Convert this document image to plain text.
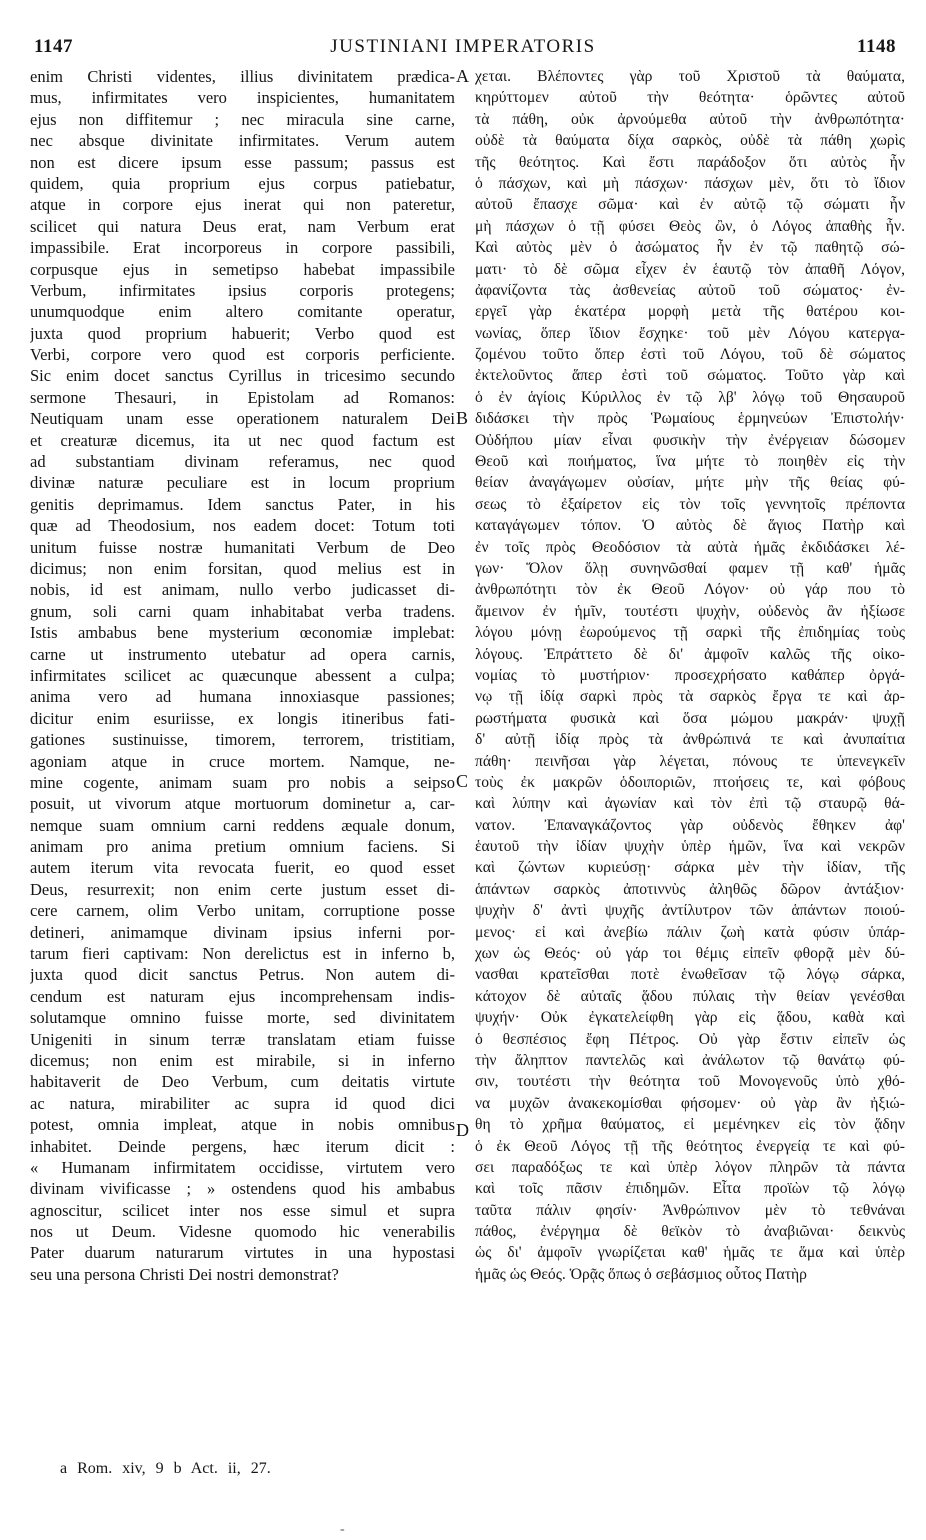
1147	JUSTINIANI IMPERATORIS	1148
enim Christi videntes, illius divinitatem prædica-
mus, infirmitates vero inspicientes, humanitatem
ejus non diffitemur ; nec miracula sine carne,
nec absque divinitate infirmitates. Verum autem
non est dicere ipsum esse passum; passus est
quidem, quia proprium ejus corpus patiebatur,
atque in corpore ejus inerat qui non pateretur,
scilicet qui natura Deus erat, nam Verbum erat
impassibile. Erat incorporeus in corpore passibili,
corpusque ejus in semetipso habebat impassibile
Verbum, infirmitates ipsius corporis protegens;
unumquodque enim altero comitante operatur,
juxta quod proprium habuerit; Verbo quod est
Verbi, corpore vero quod est corporis perficiente.
Sic enim docet sanctus Cyrillus in tricesimo secundo
sermone Thesauri, in Epistolam ad Romanos:
Neutiquam unam esse operationem naturalem Dei
et creaturæ dicemus, ita ut nec quod factum est
ad substantiam divinam referamus, nec quod
divinæ naturæ peculiare est in locum proprium
genitis deprimamus. Idem sanctus Pater, in his
quæ ad Theodosium, nos eadem docet: Totum toti
unitum fuisse nostræ humanitati Verbum de Deo
dicimus; non enim forsitan, quod melius est in
nobis, id est animam, nullo verbo judicasset di-
gnum, soli carni quam inhabitabat verba tradens.
Istis ambabus bene mysterium œconomiæ implebat:
carne ut instrumento utebatur ad opera carnis,
infirmitates scilicet ac quæcunque abessent a culpa;
anima vero ad humana innoxiasque passiones;
dicitur enim esuriisse, ex longis itineribus fati-
gationes sustinuisse, timorem, terrorem, tristitiam,
agoniam atque in cruce mortem. Namque, ne-
mine cogente, animam suam pro nobis a seipso
posuit, ut vivorum atque mortuorum dominetur a, car-
nemque suam omnium carni reddens æquale donum,
animam pro anima pretium omnium faciens. Si
autem iterum vita revocata fuerit, eo quod esset
Deus, resurrexit; non enim certe justum esset di-
cere carnem, olim Verbo unitam, corruptione posse
detineri, animamque divinam ipsius inferni por-
tarum fieri captivam: Non derelictus est in inferno b,
juxta quod dicit sanctus Petrus. Non autem di-
cendum est naturam ejus incomprehensam indis-
solutamque omnino fuisse morte, sed divinitatem
Unigeniti in sinum terræ translatam etiam fuisse
dicemus; non enim est mirabile, si in inferno
habitaverit de Deo Verbum, cum deitatis virtute
ac natura, mirabiliter ac supra id quod dici
potest, omnia impleat, atque in nobis omnibus
inhabitet. Deinde pergens, hæc iterum dicit :
« Humanam infirmitatem occidisse, virtutem vero
divinam vivificasse ; » ostendens quod his ambabus
agnoscitur, scilicet inter nos esse simul et supra
nos ut Deum. Videsne quomodo hic venerabilis
Pater duarum naturarum virtutes in una hypostasi
seu una persona Christi Dei nostri demonstrat?
χεται. Βλέποντες γὰρ τοῦ Χριστοῦ τὰ θαύματα,
κηρύττομεν αὐτοῦ τὴν θεότητα· ὁρῶντες αὐτοῦ
τὰ πάθη, οὐκ ἀρνούμεθα αὐτοῦ τὴν ἀνθρωπότητα·
οὐδὲ τὰ θαύματα δίχα σαρκὸς, οὐδὲ τὰ πάθη χωρὶς
τῆς θεότητος. Καὶ ἔστι παράδοξον ὅτι αὐτὸς ἦν
ὁ πάσχων, καὶ μὴ πάσχων· πάσχων μὲν, ὅτι τὸ ἴδιον
αὐτοῦ ἔπασχε σῶμα· καὶ ἐν αὐτῷ τῷ σώματι ἦν
μὴ πάσχων ὁ τῇ φύσει Θεὸς ὢν, ὁ Λόγος ἀπαθὴς ἦν.
Καὶ αὐτὸς μὲν ὁ ἀσώματος ἦν ἐν τῷ παθητῷ σώ-
ματι· τὸ δὲ σῶμα εἶχεν ἐν ἑαυτῷ τὸν ἀπαθῆ Λόγον,
ἀφανίζοντα τὰς ἀσθενείας αὐτοῦ τοῦ σώματος· ἐν-
εργεῖ γὰρ ἑκατέρα μορφὴ μετὰ τῆς θατέρου κοι-
νωνίας, ὅπερ ἴδιον ἔσχηκε· τοῦ μὲν Λόγου κατεργα-
ζομένου τοῦτο ὅπερ ἐστὶ τοῦ Λόγου, τοῦ δὲ σώματος
ἐκτελοῦντος ἅπερ ἐστὶ τοῦ σώματος. Τοῦτο γὰρ καὶ
ὁ ἐν ἁγίοις Κύριλλος ἐν τῷ λβ' λόγῳ τοῦ Θησαυροῦ
διδάσκει τὴν πρὸς Ῥωμαίους ἑρμηνεύων Ἐπιστολήν·
Οὐδήπου μίαν εἶναι φυσικὴν τὴν ἐνέργειαν δώσομεν
Θεοῦ καὶ ποιήματος, ἵνα μήτε τὸ ποιηθὲν εἰς τὴν
θείαν ἀναγάγωμεν οὐσίαν, μήτε μὴν τῆς θείας φύ-
σεως τὸ ἐξαίρετον εἰς τὸν τοῖς γεννητοῖς πρέποντα
καταγάγωμεν τόπον. Ὁ αὐτὸς δὲ ἅγιος Πατὴρ καὶ
ἐν τοῖς πρὸς Θεοδόσιον τὰ αὐτὰ ἡμᾶς ἐκδιδάσκει λέ-
γων· Ὅλον ὅλῃ συνηνῶσθαί φαμεν τῇ καθ' ἡμᾶς
ἀνθρωπότητι τὸν ἐκ Θεοῦ Λόγον· οὐ γάρ που τὸ
ἄμεινον ἐν ἡμῖν, τουτέστι ψυχὴν, οὐδενὸς ἂν ἠξίωσε
λόγου μόνῃ ἐωρούμενος τῇ σαρκὶ τῆς ἐπιδημίας τοὺς
λόγους. Ἐπράττετο δὲ δι' ἀμφοῖν καλῶς τῆς οἰκο-
νομίας τὸ μυστήριον· προσεχρήσατο καθάπερ ὀργά-
νῳ τῇ ἰδίᾳ σαρκὶ πρὸς τὰ σαρκὸς ἔργα τε καὶ ἀρ-
ρωστήματα φυσικὰ καὶ ὅσα μώμου μακράν· ψυχῇ
δ' αὐτῇ ἰδίᾳ πρὸς τὰ ἀνθρώπινά τε καὶ ἀνυπαίτια
πάθη· πεινῆσαι γὰρ λέγεται, πόνους τε ὑπενεγκεῖν
τοὺς ἐκ μακρῶν ὁδοιποριῶν, πτοήσεις τε, καὶ φόβους
καὶ λύπην καὶ ἀγωνίαν καὶ τὸν ἐπὶ τῷ σταυρῷ θά-
νατον. Ἐπαναγκάζοντος γὰρ οὐδενὸς ἔθηκεν ἀφ'
ἑαυτοῦ τὴν ἰδίαν ψυχὴν ὑπὲρ ἡμῶν, ἵνα καὶ νεκρῶν
καὶ ζώντων κυριεύσῃ· σάρκα μὲν τὴν ἰδίαν, τῆς
ἁπάντων σαρκὸς ἀποτιννὺς ἀληθῶς δῶρον ἀντάξιον·
ψυχὴν δ' ἀντὶ ψυχῆς ἀντίλυτρον τῶν ἁπάντων ποιού-
μενος· εἰ καὶ ἀνεβίω πάλιν ζωὴ κατὰ φύσιν ὑπάρ-
χων ὡς Θεός· οὐ γάρ τοι θέμις εἰπεῖν φθορᾷ μὲν δύ-
νασθαι κρατεῖσθαι ποτὲ ἑνωθεῖσαν τῷ λόγῳ σάρκα,
κάτοχον δὲ αὐταῖς ᾅδου πύλαις τὴν θείαν γενέσθαι
ψυχήν· Οὐκ ἐγκατελείφθη γὰρ εἰς ᾅδου, καθὰ καὶ
ὁ θεσπέσιος ἔφη Πέτρος. Οὐ γὰρ ἔστιν εἰπεῖν ὡς
τὴν ἄληπτον παντελῶς καὶ ἀνάλωτον τῷ θανάτῳ φύ-
σιν, τουτέστι τὴν θεότητα τοῦ Μονογενοῦς ὑπὸ χθό-
να μυχῶν ἀνακεκομίσθαι φήσομεν· οὐ γὰρ ἂν ἠξιώ-
θη τὸ χρῆμα θαύματος, εἰ μεμένηκεν εἰς τὸν ᾅδην
ὁ ἐκ Θεοῦ Λόγος τῇ τῆς θεότητος ἐνεργείᾳ τε καὶ φύ-
σει παραδόξως τε καὶ ὑπὲρ λόγον πληρῶν τὰ πάντα
καὶ τοῖς πᾶσιν ἐπιδημῶν. Εἶτα προϊὼν τῷ λόγῳ
ταῦτα πάλιν φησίν· Ἀνθρώπινον μὲν τὸ τεθνάναι
πάθος, ἐνέργημα δὲ θεϊκὸν τὸ ἀναβιῶναι· δεικνὺς
ὡς δι' ἀμφοῖν γνωρίζεται καθ' ἡμᾶς τε ἅμα καὶ ὑπὲρ
ἡμᾶς ὡς Θεός. Ὁρᾷς ὅπως ὁ σεβάσμιος οὗτος Πατὴρ
A
B
C
D
a Rom. xiv, 9 b Act. ii, 27.
-
